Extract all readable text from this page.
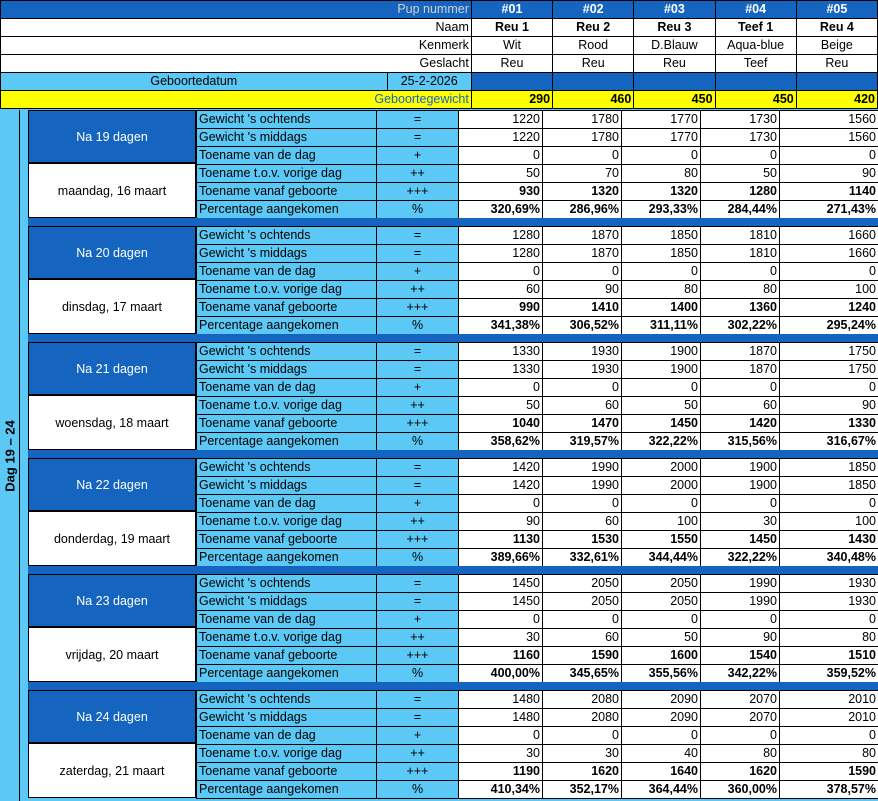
Pup nummer		#01	#02	#03	#04	#05
Naam		Reu 1	Reu 2	Reu 3	Teef 1	Reu 4
Kenmerk		Wit	Rood	D.Blauw	Aqua-blue	Beige
Geslacht		Reu	Reu	Reu	Teef	Reu
Geboortedatum	25-2-2026					
Geboortegewicht		290	460	450	450	420
Dag 19 – 24
Na 19 dagen
maandag, 16 maart
Gewicht 's ochtends	=	1220	1780	1770	1730	1560
Gewicht 's middags	=	1220	1780	1770	1730	1560
Toename van de dag	+	0	0	0	0	0
Toename t.o.v. vorige dag	++	50	70	80	50	90
Toename vanaf geboorte	+++	930	1320	1320	1280	1140
Percentage aangekomen	%	320,69%	286,96%	293,33%	284,44%	271,43%
Na 20 dagen
dinsdag, 17 maart
Gewicht 's ochtends	=	1280	1870	1850	1810	1660
Gewicht 's middags	=	1280	1870	1850	1810	1660
Toename van de dag	+	0	0	0	0	0
Toename t.o.v. vorige dag	++	60	90	80	80	100
Toename vanaf geboorte	+++	990	1410	1400	1360	1240
Percentage aangekomen	%	341,38%	306,52%	311,11%	302,22%	295,24%
Na 21 dagen
woensdag, 18 maart
Gewicht 's ochtends	=	1330	1930	1900	1870	1750
Gewicht 's middags	=	1330	1930	1900	1870	1750
Toename van de dag	+	0	0	0	0	0
Toename t.o.v. vorige dag	++	50	60	50	60	90
Toename vanaf geboorte	+++	1040	1470	1450	1420	1330
Percentage aangekomen	%	358,62%	319,57%	322,22%	315,56%	316,67%
Na 22 dagen
donderdag, 19 maart
Gewicht 's ochtends	=	1420	1990	2000	1900	1850
Gewicht 's middags	=	1420	1990	2000	1900	1850
Toename van de dag	+	0	0	0	0	0
Toename t.o.v. vorige dag	++	90	60	100	30	100
Toename vanaf geboorte	+++	1130	1530	1550	1450	1430
Percentage aangekomen	%	389,66%	332,61%	344,44%	322,22%	340,48%
Na 23 dagen
vrijdag, 20 maart
Gewicht 's ochtends	=	1450	2050	2050	1990	1930
Gewicht 's middags	=	1450	2050	2050	1990	1930
Toename van de dag	+	0	0	0	0	0
Toename t.o.v. vorige dag	++	30	60	50	90	80
Toename vanaf geboorte	+++	1160	1590	1600	1540	1510
Percentage aangekomen	%	400,00%	345,65%	355,56%	342,22%	359,52%
Na 24 dagen
zaterdag, 21 maart
Gewicht 's ochtends	=	1480	2080	2090	2070	2010
Gewicht 's middags	=	1480	2080	2090	2070	2010
Toename van de dag	+	0	0	0	0	0
Toename t.o.v. vorige dag	++	30	30	40	80	80
Toename vanaf geboorte	+++	1190	1620	1640	1620	1590
Percentage aangekomen	%	410,34%	352,17%	364,44%	360,00%	378,57%
